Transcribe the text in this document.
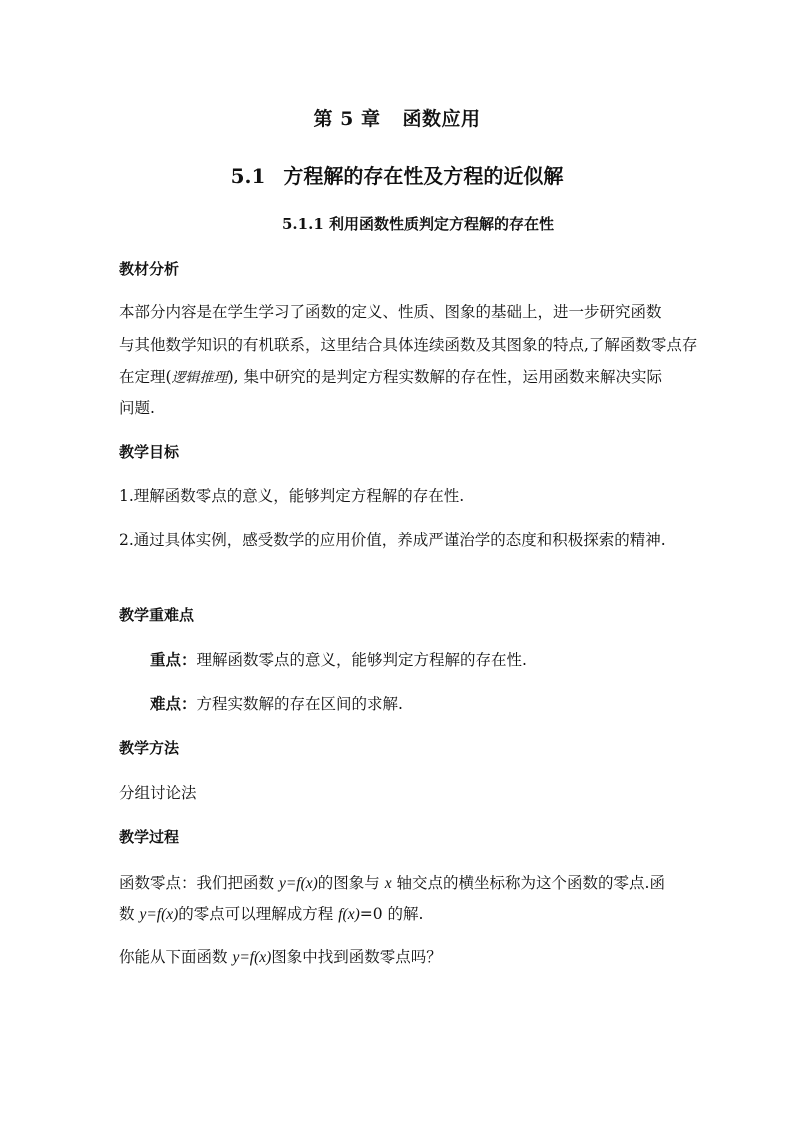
第 5 章 函数应用
5.1 方程解的存在性及方程的近似解
5.1.1 利用函数性质判定方程解的存在性
教材分析
本部分内容是在学生学习了函数的定义、性质、图象的基础上，进一步研究函数
与其他数学知识的有机联系，这里结合具体连续函数及其图象的特点,了解函数零点存
在定理(逻辑推理), 集中研究的是判定方程实数解的存在性，运用函数来解决实际
问题.
教学目标
1.理解函数零点的意义，能够判定方程解的存在性.
2.通过具体实例，感受数学的应用价值，养成严谨治学的态度和积极探索的精神.
教学重难点
重点：理解函数零点的意义，能够判定方程解的存在性.
难点：方程实数解的存在区间的求解.
教学方法
分组讨论法
教学过程
函数零点：我们把函数 y=f(x)的图象与 x 轴交点的横坐标称为这个函数的零点.函
数 y=f(x)的零点可以理解成方程 f(x)=0 的解.
你能从下面函数 y=f(x)图象中找到函数零点吗？
